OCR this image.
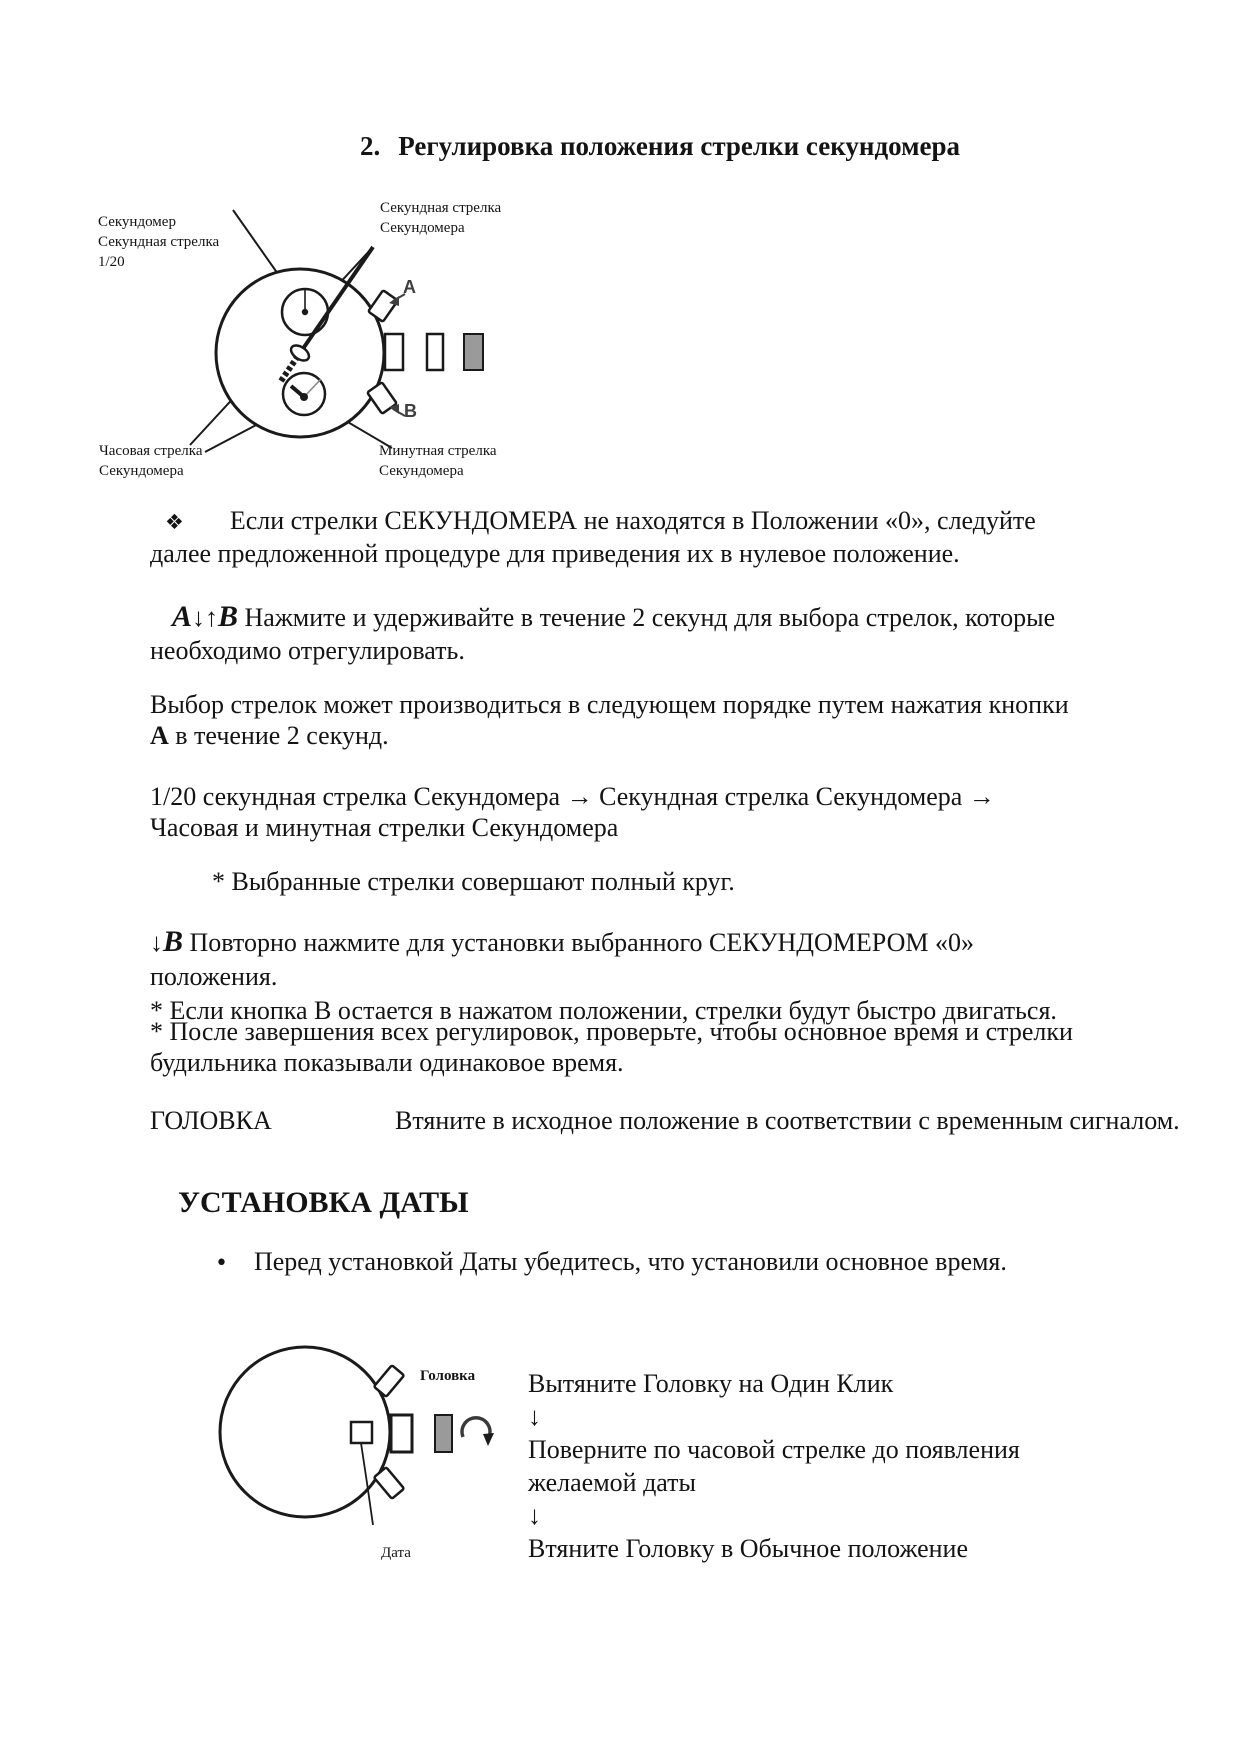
2. Регулировка положения стрелки секундомера
Секундомер
Секундная стрелка
1/20
Секундная стрелка
Секундомера
Часовая стрелка
Секундомера
Минутная стрелка
Секундомера
A
B
❖ Если стрелки СЕКУНДОМЕРА не находятся в Положении «0», следуйте далее предложенной процедуре для приведения их в нулевое положение.
A↓↑B Нажмите и удерживайте в течение 2 секунд для выбора стрелок, которые необходимо отрегулировать.
Выбор стрелок может производиться в следующем порядке путем нажатия кнопки А в течение 2 секунд.
1/20 секундная стрелка Секундомера → Секундная стрелка Секундомера → Часовая и минутная стрелки Секундомера
* Выбранные стрелки совершают полный круг.
↓B Повторно нажмите для установки выбранного СЕКУНДОМЕРОМ «0» положения.
* Если кнопка В остается в нажатом положении, стрелки будут быстро двигаться.
* После завершения всех регулировок, проверьте, чтобы основное время и стрелки будильника показывали одинаковое время.
ГОЛОВКА	Втяните в исходное положение в соответствии с временным сигналом.
УСТАНОВКА ДАТЫ
• Перед установкой Даты убедитесь, что установили основное время.
Головка
Дата
Вытяните Головку на Один Клик
↓
Поверните по часовой стрелке до появления желаемой даты
↓
Втяните Головку в Обычное положение
